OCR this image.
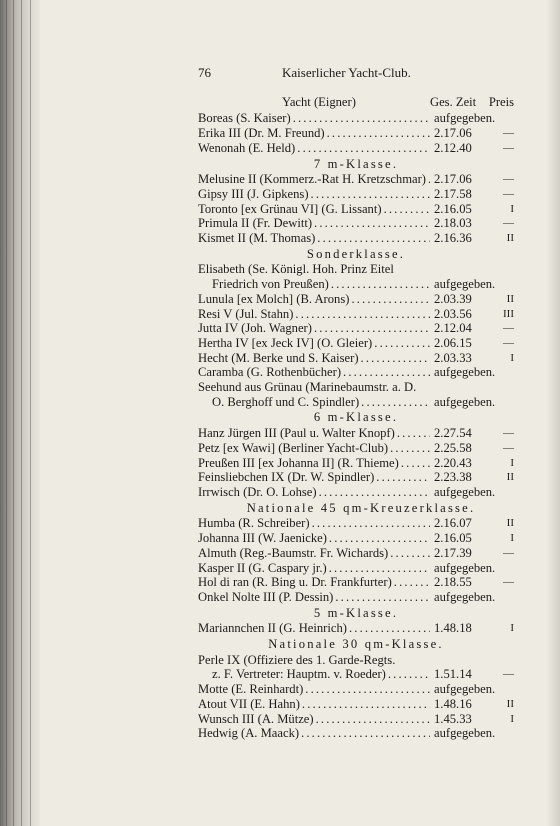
76	Kaiserlicher Yacht-Club.
Yacht (Eigner)	Ges. Zeit	Preis
Boreas (S. Kaiser) . . .	aufgegeben.
Erika III (Dr. M. Freund) . . .	2.17.06	—
Wenonah (E. Held) . . .	2.12.40	—
7 m-Klasse.
Melusine II (Kommerz.-Rat H. Kretzschmar) . . . 2.17.06	—
Gipsy III (J. Gipkens) . . .	2.17.58	—
Toronto [ex Grünau VI] (G. Lissant) . . .	2.16.05	I
Primula II (Fr. Dewitt) . . .	2.18.03	—
Kismet II (M. Thomas) . . .	2.16.36	II
Sonderklasse.
Elisabeth (Se. Königl. Hoh. Prinz Eitel
Friedrich von Preußen) . . .	aufgegeben.
Lunula [ex Molch] (B. Arons) . . .	2.03.39	II
Resi V (Jul. Stahn) . . .	2.03.56	III
Jutta IV (Joh. Wagner) . . .	2.12.04	—
Hertha IV [ex Jeck IV] (O. Gleier) . . .	2.06.15	—
Hecht (M. Berke und S. Kaiser) . . .	2.03.33	I
Caramba (G. Rothenbücher) . . .	aufgegeben.
Seehund aus Grünau (Marinebaumstr. a. D.
O. Berghoff und C. Spindler) . . .	aufgegeben.
6 m-Klasse.
Hanz Jürgen III (Paul u. Walter Knopf) . . .	2.27.54	—
Petz [ex Wawi] (Berliner Yacht-Club) . . .	2.25.58	—
Preußen III [ex Johanna II] (R. Thieme) . . .	2.20.43	I
Feinsliebchen IX (Dr. W. Spindler) . . .	2.23.38	II
Irrwisch (Dr. O. Lohse) . . .	aufgegeben.
Nationale 45 qm-Kreuzerklasse.
Humba (R. Schreiber) . . .	2.16.07	II
Johanna III (W. Jaenicke) . . .	2.16.05	I
Almuth (Reg.-Baumstr. Fr. Wichards) . . .	2.17.39	—
Kasper II (G. Caspary jr.) . . .	aufgegeben.
Hol di ran (R. Bing u. Dr. Frankfurter) . . .	2.18.55	—
Onkel Nolte III (P. Dessin) . . .	aufgegeben.
5 m-Klasse.
Mariannchen II (G. Heinrich) . . .	1.48.18	I
Nationale 30 qm-Klasse.
Perle IX (Offiziere des 1. Garde-Regts.
z. F. Vertreter: Hauptm. v. Roeder) . . .	1.51.14	—
Motte (E. Reinhardt) . . .	aufgegeben.
Atout VII (E. Hahn) . . .	1.48.16	II
Wunsch III (A. Mütze) . . .	1.45.33	I
Hedwig (A. Maack) . . .	aufgegeben.
